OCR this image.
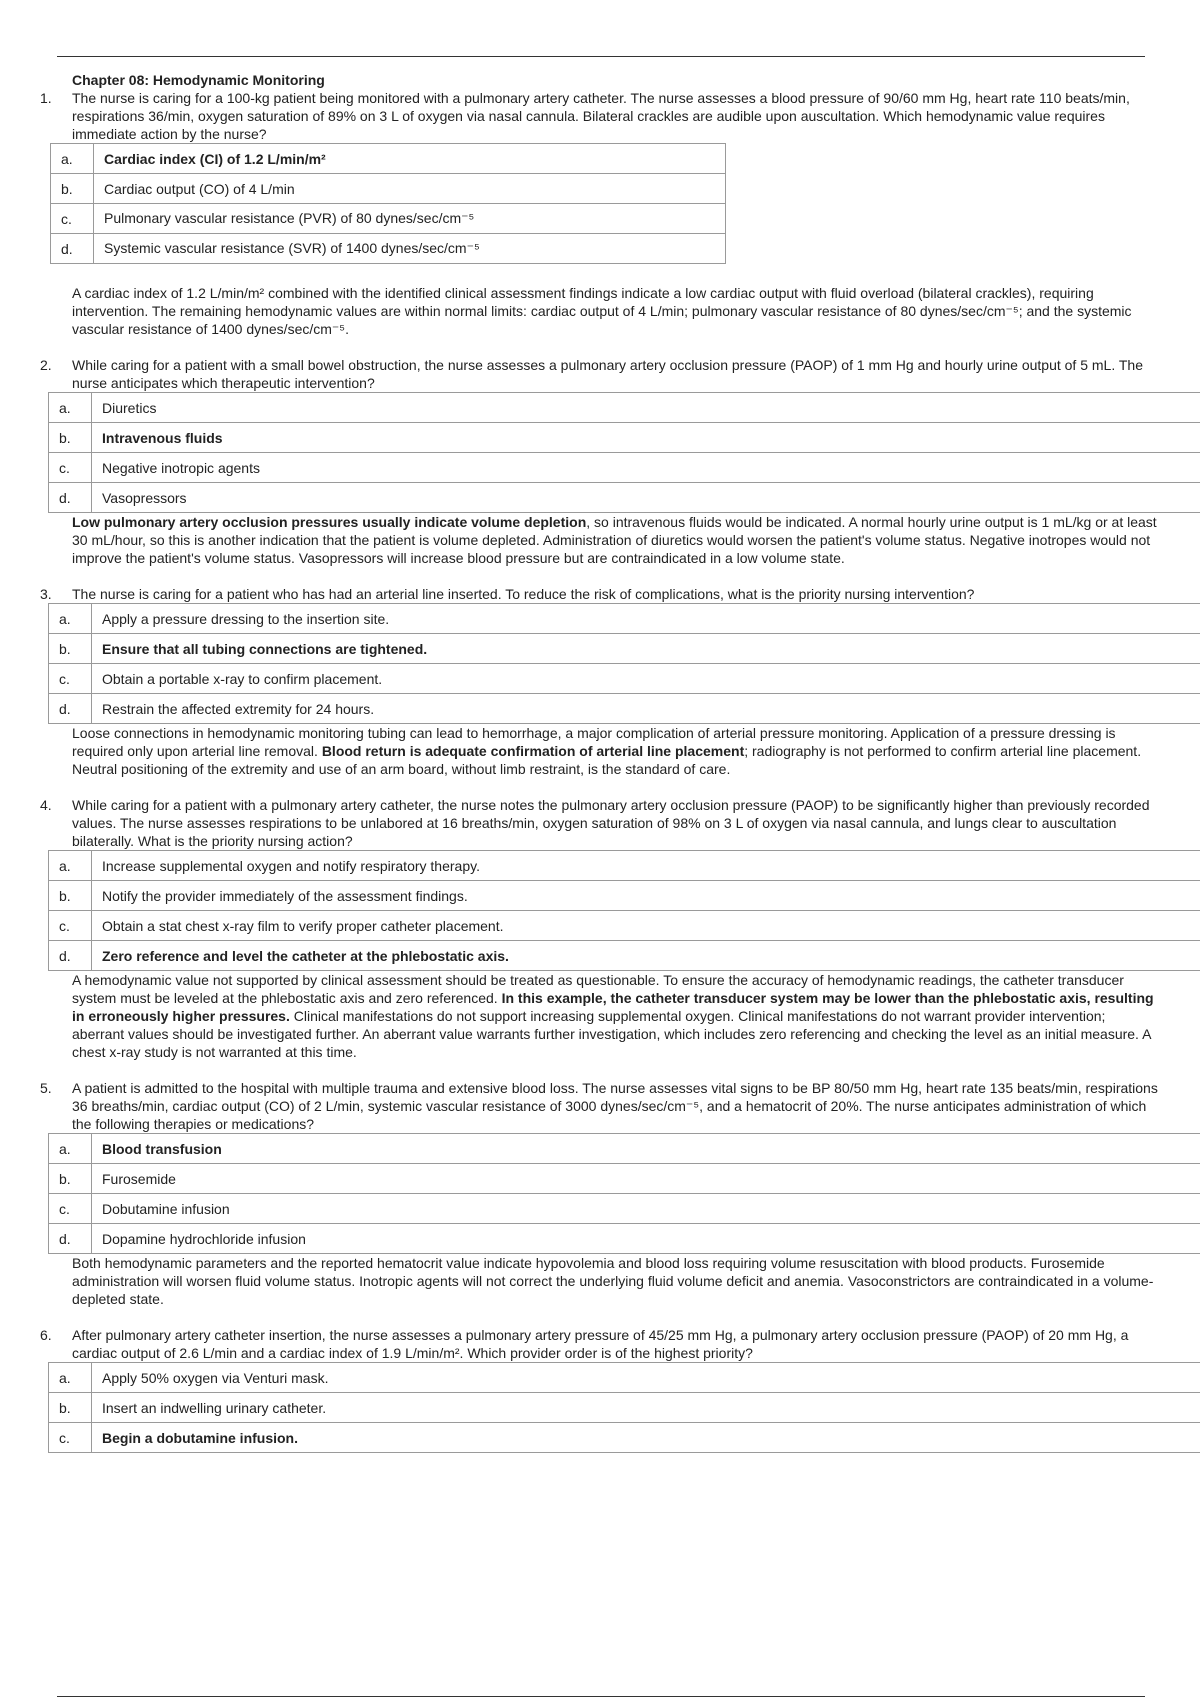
Chapter 08: Hemodynamic Monitoring
1.	The nurse is caring for a 100-kg patient being monitored with a pulmonary artery catheter. The nurse assesses a blood pressure of 90/60 mm Hg, heart rate 110 beats/min, respirations 36/min, oxygen saturation of 89% on 3 L of oxygen via nasal cannula. Bilateral crackles are audible upon auscultation. Which hemodynamic value requires immediate action by the nurse?
a.	Cardiac index (CI) of 1.2 L/min/m²
b.	Cardiac output (CO) of 4 L/min
c.	Pulmonary vascular resistance (PVR) of 80 dynes/sec/cm⁻⁵
d.	Systemic vascular resistance (SVR) of 1400 dynes/sec/cm⁻⁵
A cardiac index of 1.2 L/min/m² combined with the identified clinical assessment findings indicate a low cardiac output with fluid overload (bilateral crackles), requiring intervention. The remaining hemodynamic values are within normal limits: cardiac output of 4 L/min; pulmonary vascular resistance of 80 dynes/sec/cm⁻⁵; and the systemic vascular resistance of 1400 dynes/sec/cm⁻⁵.
2.	While caring for a patient with a small bowel obstruction, the nurse assesses a pulmonary artery occlusion pressure (PAOP) of 1 mm Hg and hourly urine output of 5 mL. The nurse anticipates which therapeutic intervention?
a.	Diuretics
b.	Intravenous fluids
c.	Negative inotropic agents
d.	Vasopressors
Low pulmonary artery occlusion pressures usually indicate volume depletion, so intravenous fluids would be indicated. A normal hourly urine output is 1 mL/kg or at least 30 mL/hour, so this is another indication that the patient is volume depleted. Administration of diuretics would worsen the patient's volume status. Negative inotropes would not improve the patient's volume status. Vasopressors will increase blood pressure but are contraindicated in a low volume state.
3.	The nurse is caring for a patient who has had an arterial line inserted. To reduce the risk of complications, what is the priority nursing intervention?
a.	Apply a pressure dressing to the insertion site.
b.	Ensure that all tubing connections are tightened.
c.	Obtain a portable x-ray to confirm placement.
d.	Restrain the affected extremity for 24 hours.
Loose connections in hemodynamic monitoring tubing can lead to hemorrhage, a major complication of arterial pressure monitoring. Application of a pressure dressing is required only upon arterial line removal. Blood return is adequate confirmation of arterial line placement; radiography is not performed to confirm arterial line placement. Neutral positioning of the extremity and use of an arm board, without limb restraint, is the standard of care.
4.	While caring for a patient with a pulmonary artery catheter, the nurse notes the pulmonary artery occlusion pressure (PAOP) to be significantly higher than previously recorded values. The nurse assesses respirations to be unlabored at 16 breaths/min, oxygen saturation of 98% on 3 L of oxygen via nasal cannula, and lungs clear to auscultation bilaterally. What is the priority nursing action?
a.	Increase supplemental oxygen and notify respiratory therapy.
b.	Notify the provider immediately of the assessment findings.
c.	Obtain a stat chest x-ray film to verify proper catheter placement.
d.	Zero reference and level the catheter at the phlebostatic axis.
A hemodynamic value not supported by clinical assessment should be treated as questionable. To ensure the accuracy of hemodynamic readings, the catheter transducer system must be leveled at the phlebostatic axis and zero referenced. In this example, the catheter transducer system may be lower than the phlebostatic axis, resulting in erroneously higher pressures. Clinical manifestations do not support increasing supplemental oxygen. Clinical manifestations do not warrant provider intervention; aberrant values should be investigated further. An aberrant value warrants further investigation, which includes zero referencing and checking the level as an initial measure. A chest x-ray study is not warranted at this time.
5.	A patient is admitted to the hospital with multiple trauma and extensive blood loss. The nurse assesses vital signs to be BP 80/50 mm Hg, heart rate 135 beats/min, respirations 36 breaths/min, cardiac output (CO) of 2 L/min, systemic vascular resistance of 3000 dynes/sec/cm⁻⁵, and a hematocrit of 20%. The nurse anticipates administration of which the following therapies or medications?
a.	Blood transfusion
b.	Furosemide
c.	Dobutamine infusion
d.	Dopamine hydrochloride infusion
Both hemodynamic parameters and the reported hematocrit value indicate hypovolemia and blood loss requiring volume resuscitation with blood products. Furosemide administration will worsen fluid volume status. Inotropic agents will not correct the underlying fluid volume deficit and anemia. Vasoconstrictors are contraindicated in a volume-depleted state.
6.	After pulmonary artery catheter insertion, the nurse assesses a pulmonary artery pressure of 45/25 mm Hg, a pulmonary artery occlusion pressure (PAOP) of 20 mm Hg, a cardiac output of 2.6 L/min and a cardiac index of 1.9 L/min/m². Which provider order is of the highest priority?
a.	Apply 50% oxygen via Venturi mask.
b.	Insert an indwelling urinary catheter.
c.	Begin a dobutamine infusion.
